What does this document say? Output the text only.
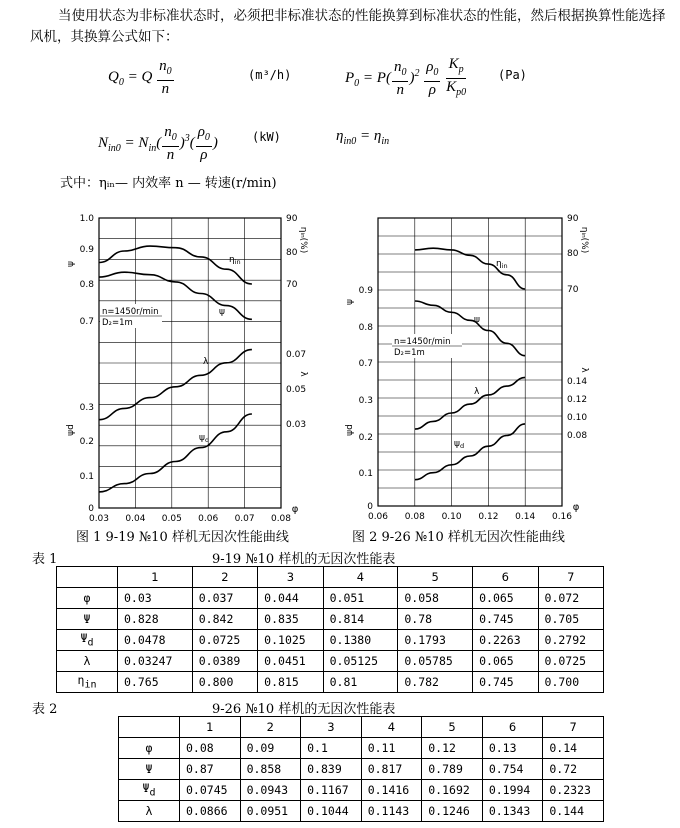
当使用状态为非标准状态时，必须把非标准状态的性能换算到标准状态的性能，然后根据换算性能选择风机，其换算公式如下：
$Q_0 = Q \frac{n_0}{n}$	(m³/h)	$P_0 = P( \frac{n_0}{n} )^2 \frac{\rho_0}{\rho}$
$\frac{K_p}{K_{p0}}$	(Pa)
$N_{in0} = N_{in}( \frac{n_0}{n} )^3( \frac{\rho_0}{\rho}$ )	(kW)	$\eta_{in0} = \eta_{in}$
式中：ηᵢₙ— 内效率 n — 转速(r/min)
0.03 0.04 0.05 0.06 0.07 0.08
φ
1.0
0.9
0.8
0.7
0.3
0.2
0.1
0
90
80
70
0.07
0.05
0.03
ψ
ψd
ηᵢₙ(%)
λ
n=1450r/min
D₂=1m
$\eta_{in}$
ψ
λ
$\psi_d$
0.06 0.08 0.10 0.12 0.14 0.16
φ
0.9
0.8
0.7
0.3
0.2
0.1
0
90
80
70
0.14
0.12
0.10
0.08
ψ
ψd
ηᵢₙ(%)
λ
n=1450r/min
D₂=1m
$\eta_{in}$
ψ
λ
$\psi_d$
图 1 9-19 №10 样机无因次性能曲线	图 2 9-26 №10 样机无因次性能曲线
表 1	9-19 №10 样机的无因次性能表
	1	2	3	4	5	6	7
φ	0.03	0.037	0.044	0.051	0.058	0.065	0.072
Ψ	0.828	0.842	0.835	0.814	0.78	0.745	0.705
$\Psi_d$	0.0478	0.0725	0.1025	0.1380	0.1793	0.2263	0.2792
λ	0.03247	0.0389	0.0451	0.05125	0.05785	0.065	0.0725
$\eta_{in}$	0.765	0.800	0.815	0.81	0.782	0.745	0.700
表 2	9-26 №10 样机的无因次性能表
	1	2	3	4	5	6	7
φ	0.08	0.09	0.1	0.11	0.12	0.13	0.14
Ψ	0.87	0.858	0.839	0.817	0.789	0.754	0.72
$\Psi_d$	0.0745	0.0943	0.1167	0.1416	0.1692	0.1994	0.2323
λ	0.0866	0.0951	0.1044	0.1143	0.1246	0.1343	0.144
